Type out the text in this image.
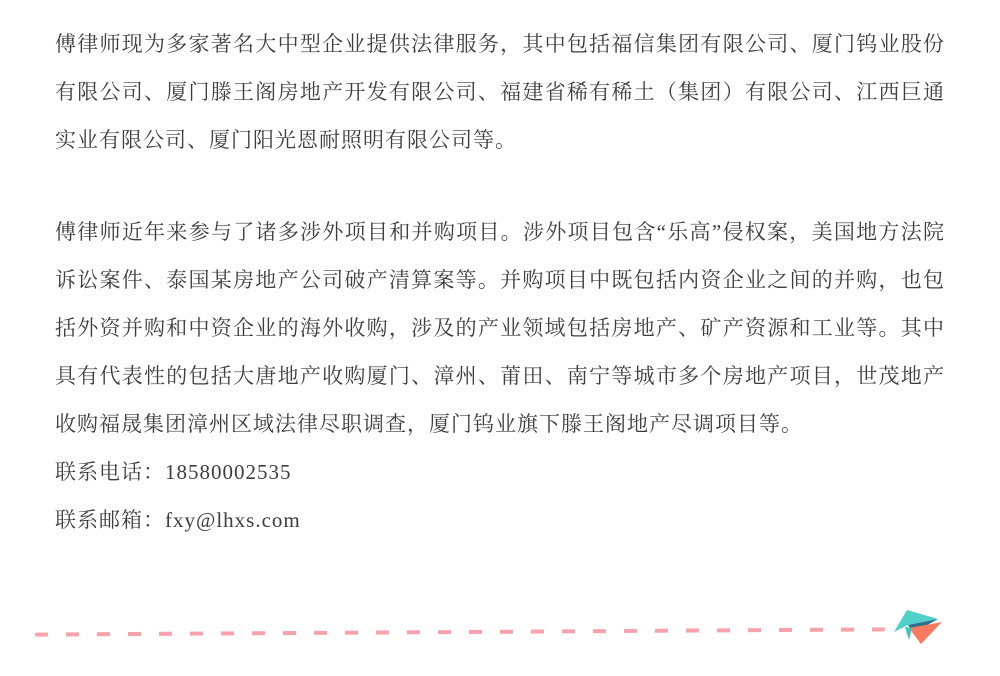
傅律师现为多家著名大中型企业提供法律服务，其中包括福信集团有限公司、厦门钨业股份有限公司、厦门滕王阁房地产开发有限公司、福建省稀有稀土（集团）有限公司、江西巨通实业有限公司、厦门阳光恩耐照明有限公司等。

傅律师近年来参与了诸多涉外项目和并购项目。涉外项目包含“乐高”侵权案，美国地方法院诉讼案件、泰国某房地产公司破产清算案等。并购项目中既包括内资企业之间的并购，也包括外资并购和中资企业的海外收购，涉及的产业领域包括房地产、矿产资源和工业等。其中具有代表性的包括大唐地产收购厦门、漳州、莆田、南宁等城市多个房地产项目，世茂地产收购福晟集团漳州区域法律尽职调查，厦门钨业旗下滕王阁地产尽调项目等。

联系电话：18580002535

联系邮箱：fxy@lhxs.com
